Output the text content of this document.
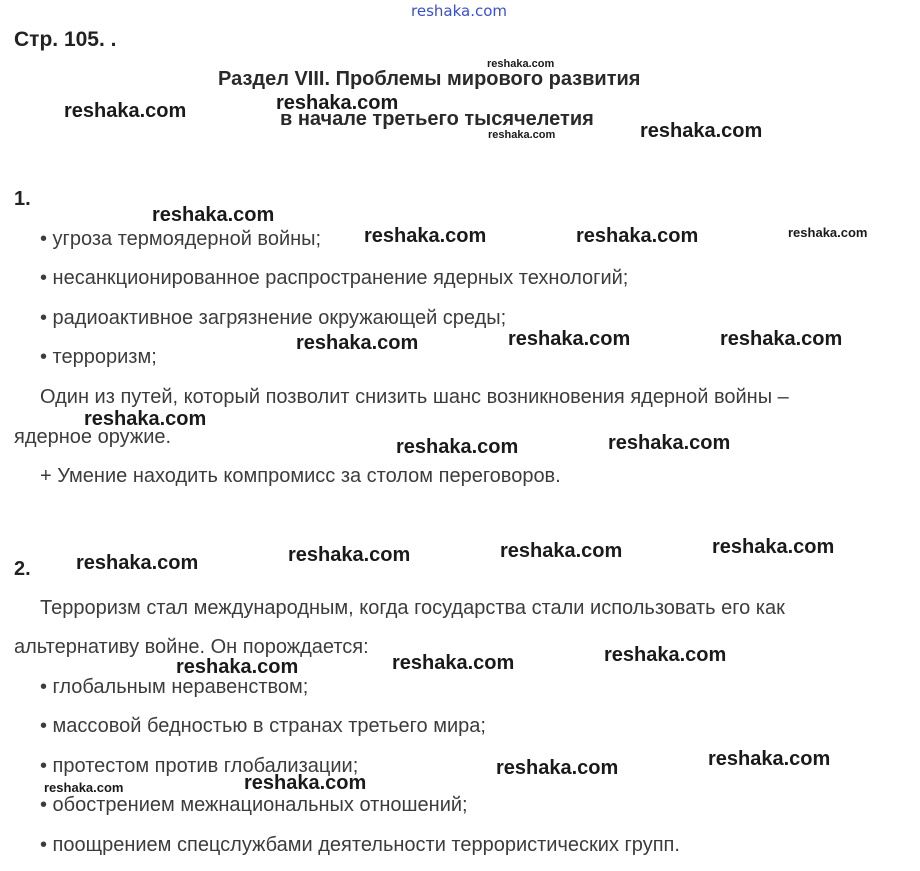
reshaka.com
Стр. 105. .
Раздел VIII. Проблемы мирового развития
в начале третьего тысячелетия
1.
• угроза термоядерной войны;
• несанкционированное распространение ядерных технологий;
• радиоактивное загрязнение окружающей среды;
• терроризм;
Один из путей, который позволит снизить шанс возникновения ядерной войны –
ядерное оружие.
+ Умение находить компромисс за столом переговоров.
2.
Терроризм стал международным, когда государства стали использовать его как
альтернативу войне. Он порождается:
• глобальным неравенством;
• массовой бедностью в странах третьего мира;
• протестом против глобализации;
• обострением межнациональных отношений;
• поощрением спецслужбами деятельности террористических групп.
reshaka.com
reshaka.com	reshaka.com
reshaka.com	reshaka.com
reshaka.com
reshaka.com	reshaka.com	reshaka.com
reshaka.com	reshaka.com	reshaka.com
reshaka.com
reshaka.com	reshaka.com
reshaka.com	reshaka.com	reshaka.com	reshaka.com
reshaka.com	reshaka.com	reshaka.com
reshaka.com	reshaka.com
reshaka.com
reshaka.com
